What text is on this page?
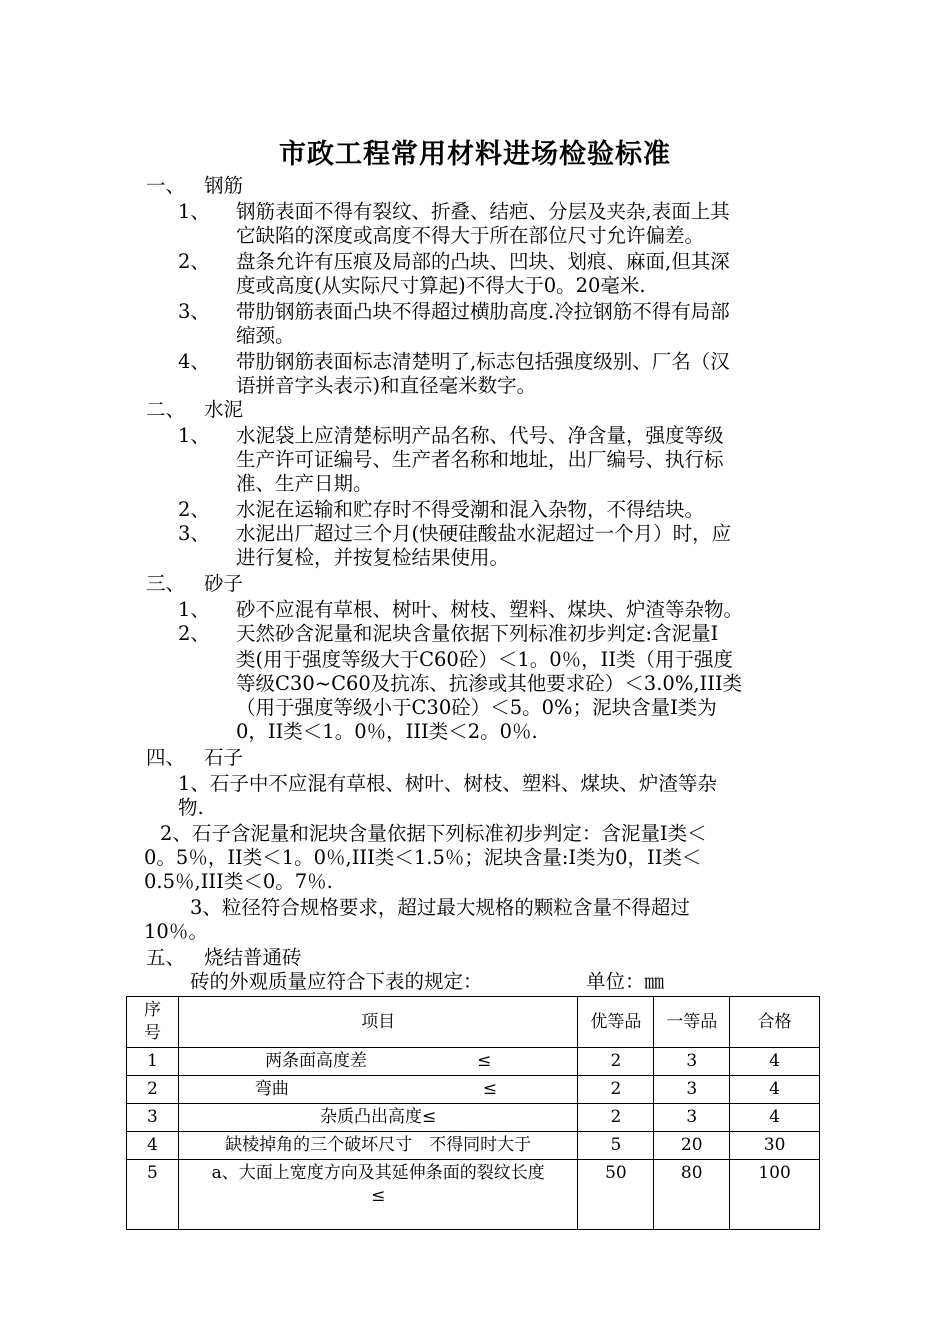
市政工程常用材料进场检验标准
一、 钢筋
1、 钢筋表面不得有裂纹、折叠、结疤、分层及夹杂,表面上其
它缺陷的深度或高度不得大于所在部位尺寸允许偏差。
2、 盘条允许有压痕及局部的凸块、凹块、划痕、麻面,但其深
度或高度(从实际尺寸算起)不得大于0。20毫米.
3、 带肋钢筋表面凸块不得超过横肋高度.冷拉钢筋不得有局部
缩颈。
4、 带肋钢筋表面标志清楚明了,标志包括强度级别、厂名（汉
语拼音字头表示)和直径毫米数字。
二、 水泥
1、 水泥袋上应清楚标明产品名称、代号、净含量，强度等级
生产许可证编号、生产者名称和地址，出厂编号、执行标
准、生产日期。
2、 水泥在运输和贮存时不得受潮和混入杂物，不得结块。
3、 水泥出厂超过三个月(快硬硅酸盐水泥超过一个月）时，应
进行复检，并按复检结果使用。
三、 砂子
1、 砂不应混有草根、树叶、树枝、塑料、煤块、炉渣等杂物。
2、 天然砂含泥量和泥块含量依据下列标准初步判定:含泥量I
类(用于强度等级大于C60砼）＜1。0％，II类（用于强度
等级C30~C60及抗冻、抗渗或其他要求砼）＜3.0%,III类
（用于强度等级小于C30砼）＜5。0%；泥块含量I类为
0，II类＜1。0％，III类＜2。0％.
四、 石子
1、石子中不应混有草根、树叶、树枝、塑料、煤块、炉渣等杂
物.
2、石子含泥量和泥块含量依据下列标准初步判定：含泥量I类＜
0。5％，II类＜1。0％,III类＜1.5％；泥块含量:I类为0，II类＜
0.5％,III类＜0。7％.
3、粒径符合规格要求，超过最大规格的颗粒含量不得超过
10％。
五、 烧结普通砖
砖的外观质量应符合下表的规定：	单位：㎜
序
号	项目	优等品	一等品	合格
1	两条面高度差 ≤	2	3	4
2	弯曲 ≤	2	3	4
3	杂质凸出高度≤	2	3	4
4	缺棱掉角的三个破坏尺寸　不得同时大于	5	20	30
5	a、大面上宽度方向及其延伸条面的裂纹长度
≤	50	80	100
